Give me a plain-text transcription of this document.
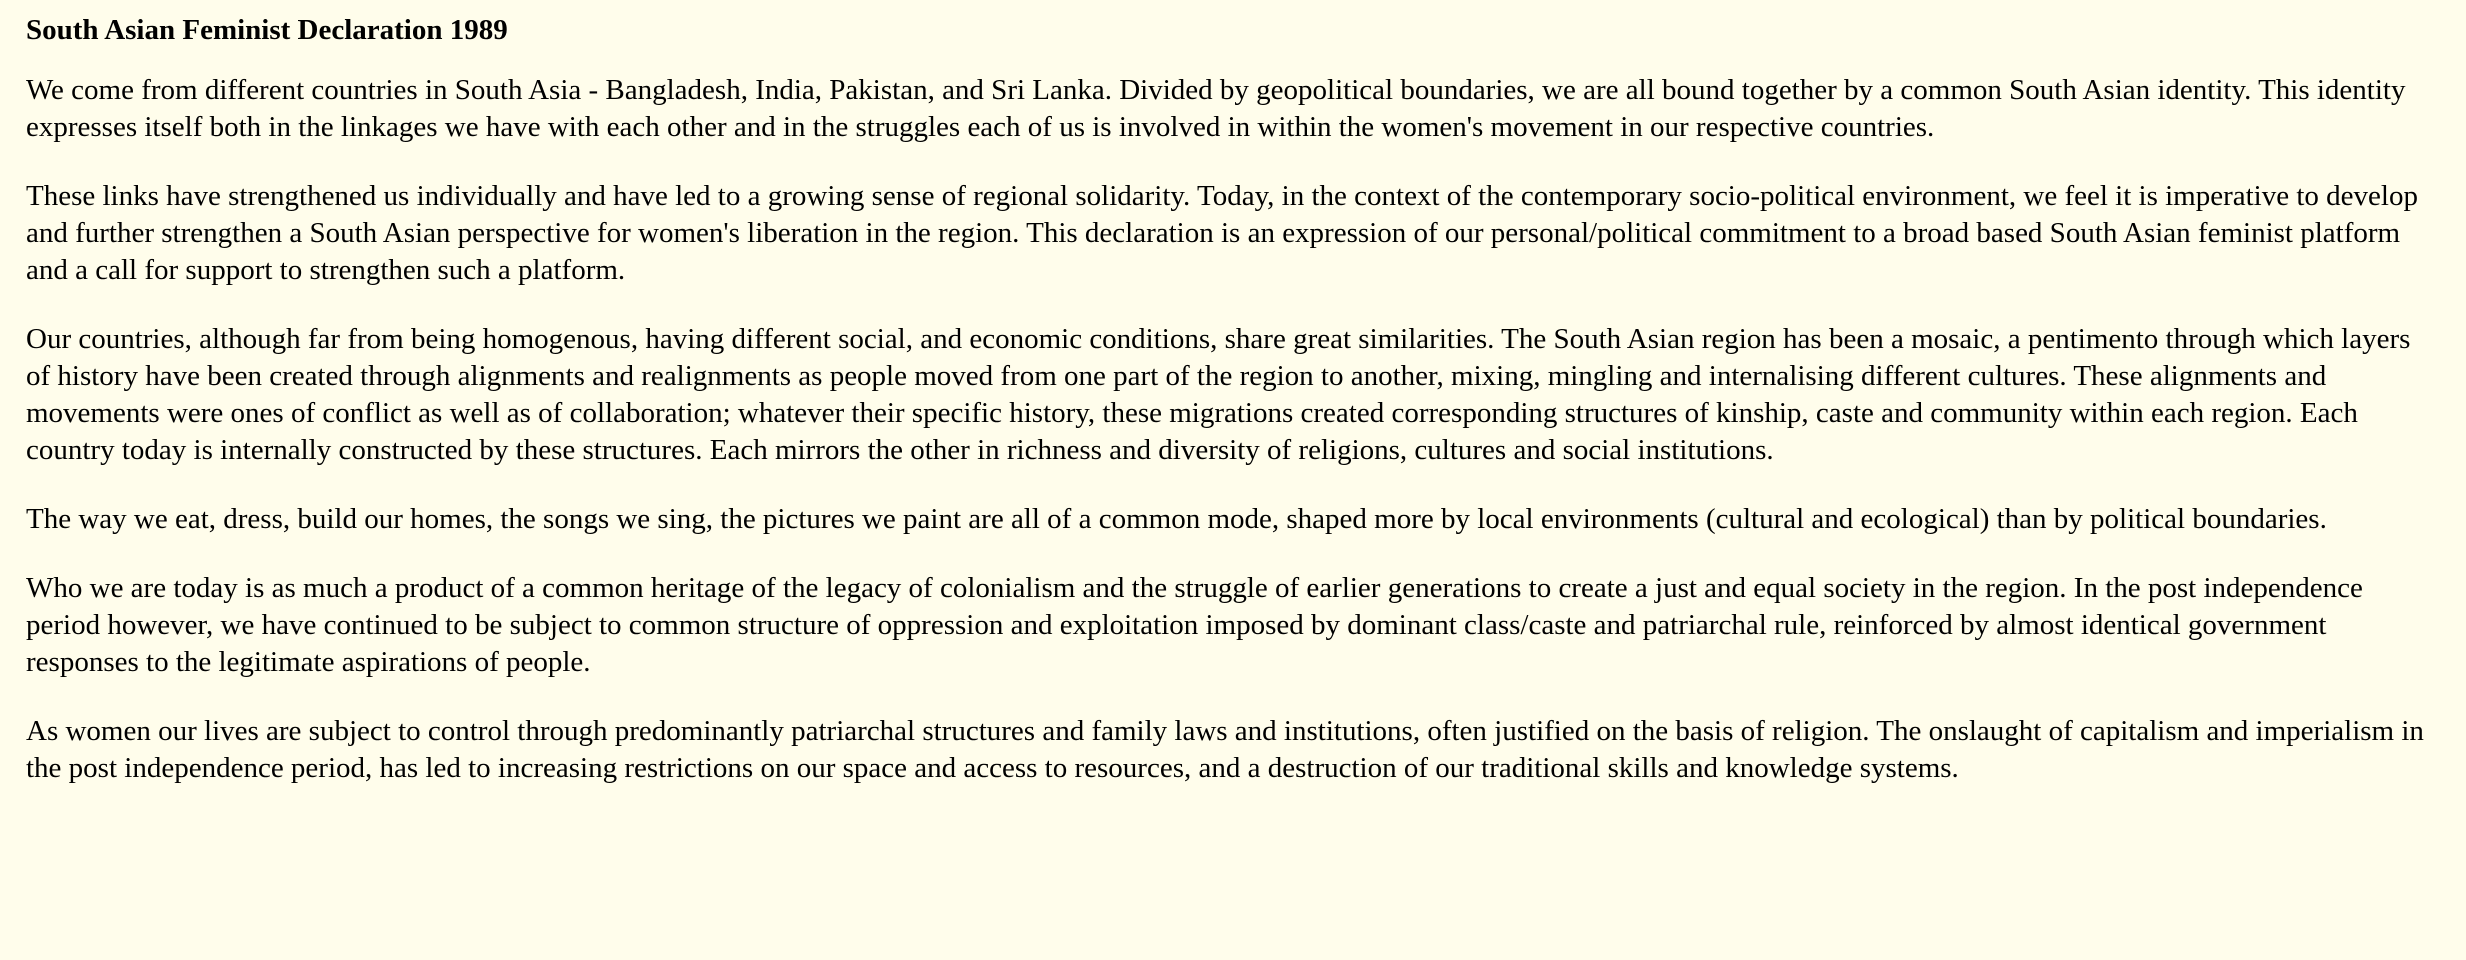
South Asian Feminist Declaration 1989

We come from different countries in South Asia - Bangladesh, India, Pakistan, and Sri Lanka. Divided by geopolitical boundaries, we are all bound together by a common South Asian identity. This identity expresses itself both in the linkages we have with each other and in the struggles each of us is involved in within the women's movement in our respective countries.

These links have strengthened us individually and have led to a growing sense of regional solidarity. Today, in the context of the contemporary socio-political environment, we feel it is imperative to develop and further strengthen a South Asian perspective for women's liberation in the region. This declaration is an expression of our personal/political commitment to a broad based South Asian feminist platform and a call for support to strengthen such a platform.

Our countries, although far from being homogenous, having different social, and economic conditions, share great similarities. The South Asian region has been a mosaic, a pentimento through which layers of history have been created through alignments and realignments as people moved from one part of the region to another, mixing, mingling and internalising different cultures. These alignments and movements were ones of conflict as well as of collaboration; whatever their specific history, these migrations created corresponding structures of kinship, caste and community within each region. Each country today is internally constructed by these structures. Each mirrors the other in richness and diversity of religions, cultures and social institutions.

The way we eat, dress, build our homes, the songs we sing, the pictures we paint are all of a common mode, shaped more by local environments (cultural and ecological) than by political boundaries.

Who we are today is as much a product of a common heritage of the legacy of colonialism and the struggle of earlier generations to create a just and equal society in the region. In the post independence period however, we have continued to be subject to common structure of oppression and exploitation imposed by dominant class/caste and patriarchal rule, reinforced by almost identical government responses to the legitimate aspirations of people.

As women our lives are subject to control through predominantly patriarchal structures and family laws and institutions, often justified on the basis of religion. The onslaught of capitalism and imperialism in the post independence period, has led to increasing restrictions on our space and access to resources, and a destruction of our traditional skills and knowledge systems.
